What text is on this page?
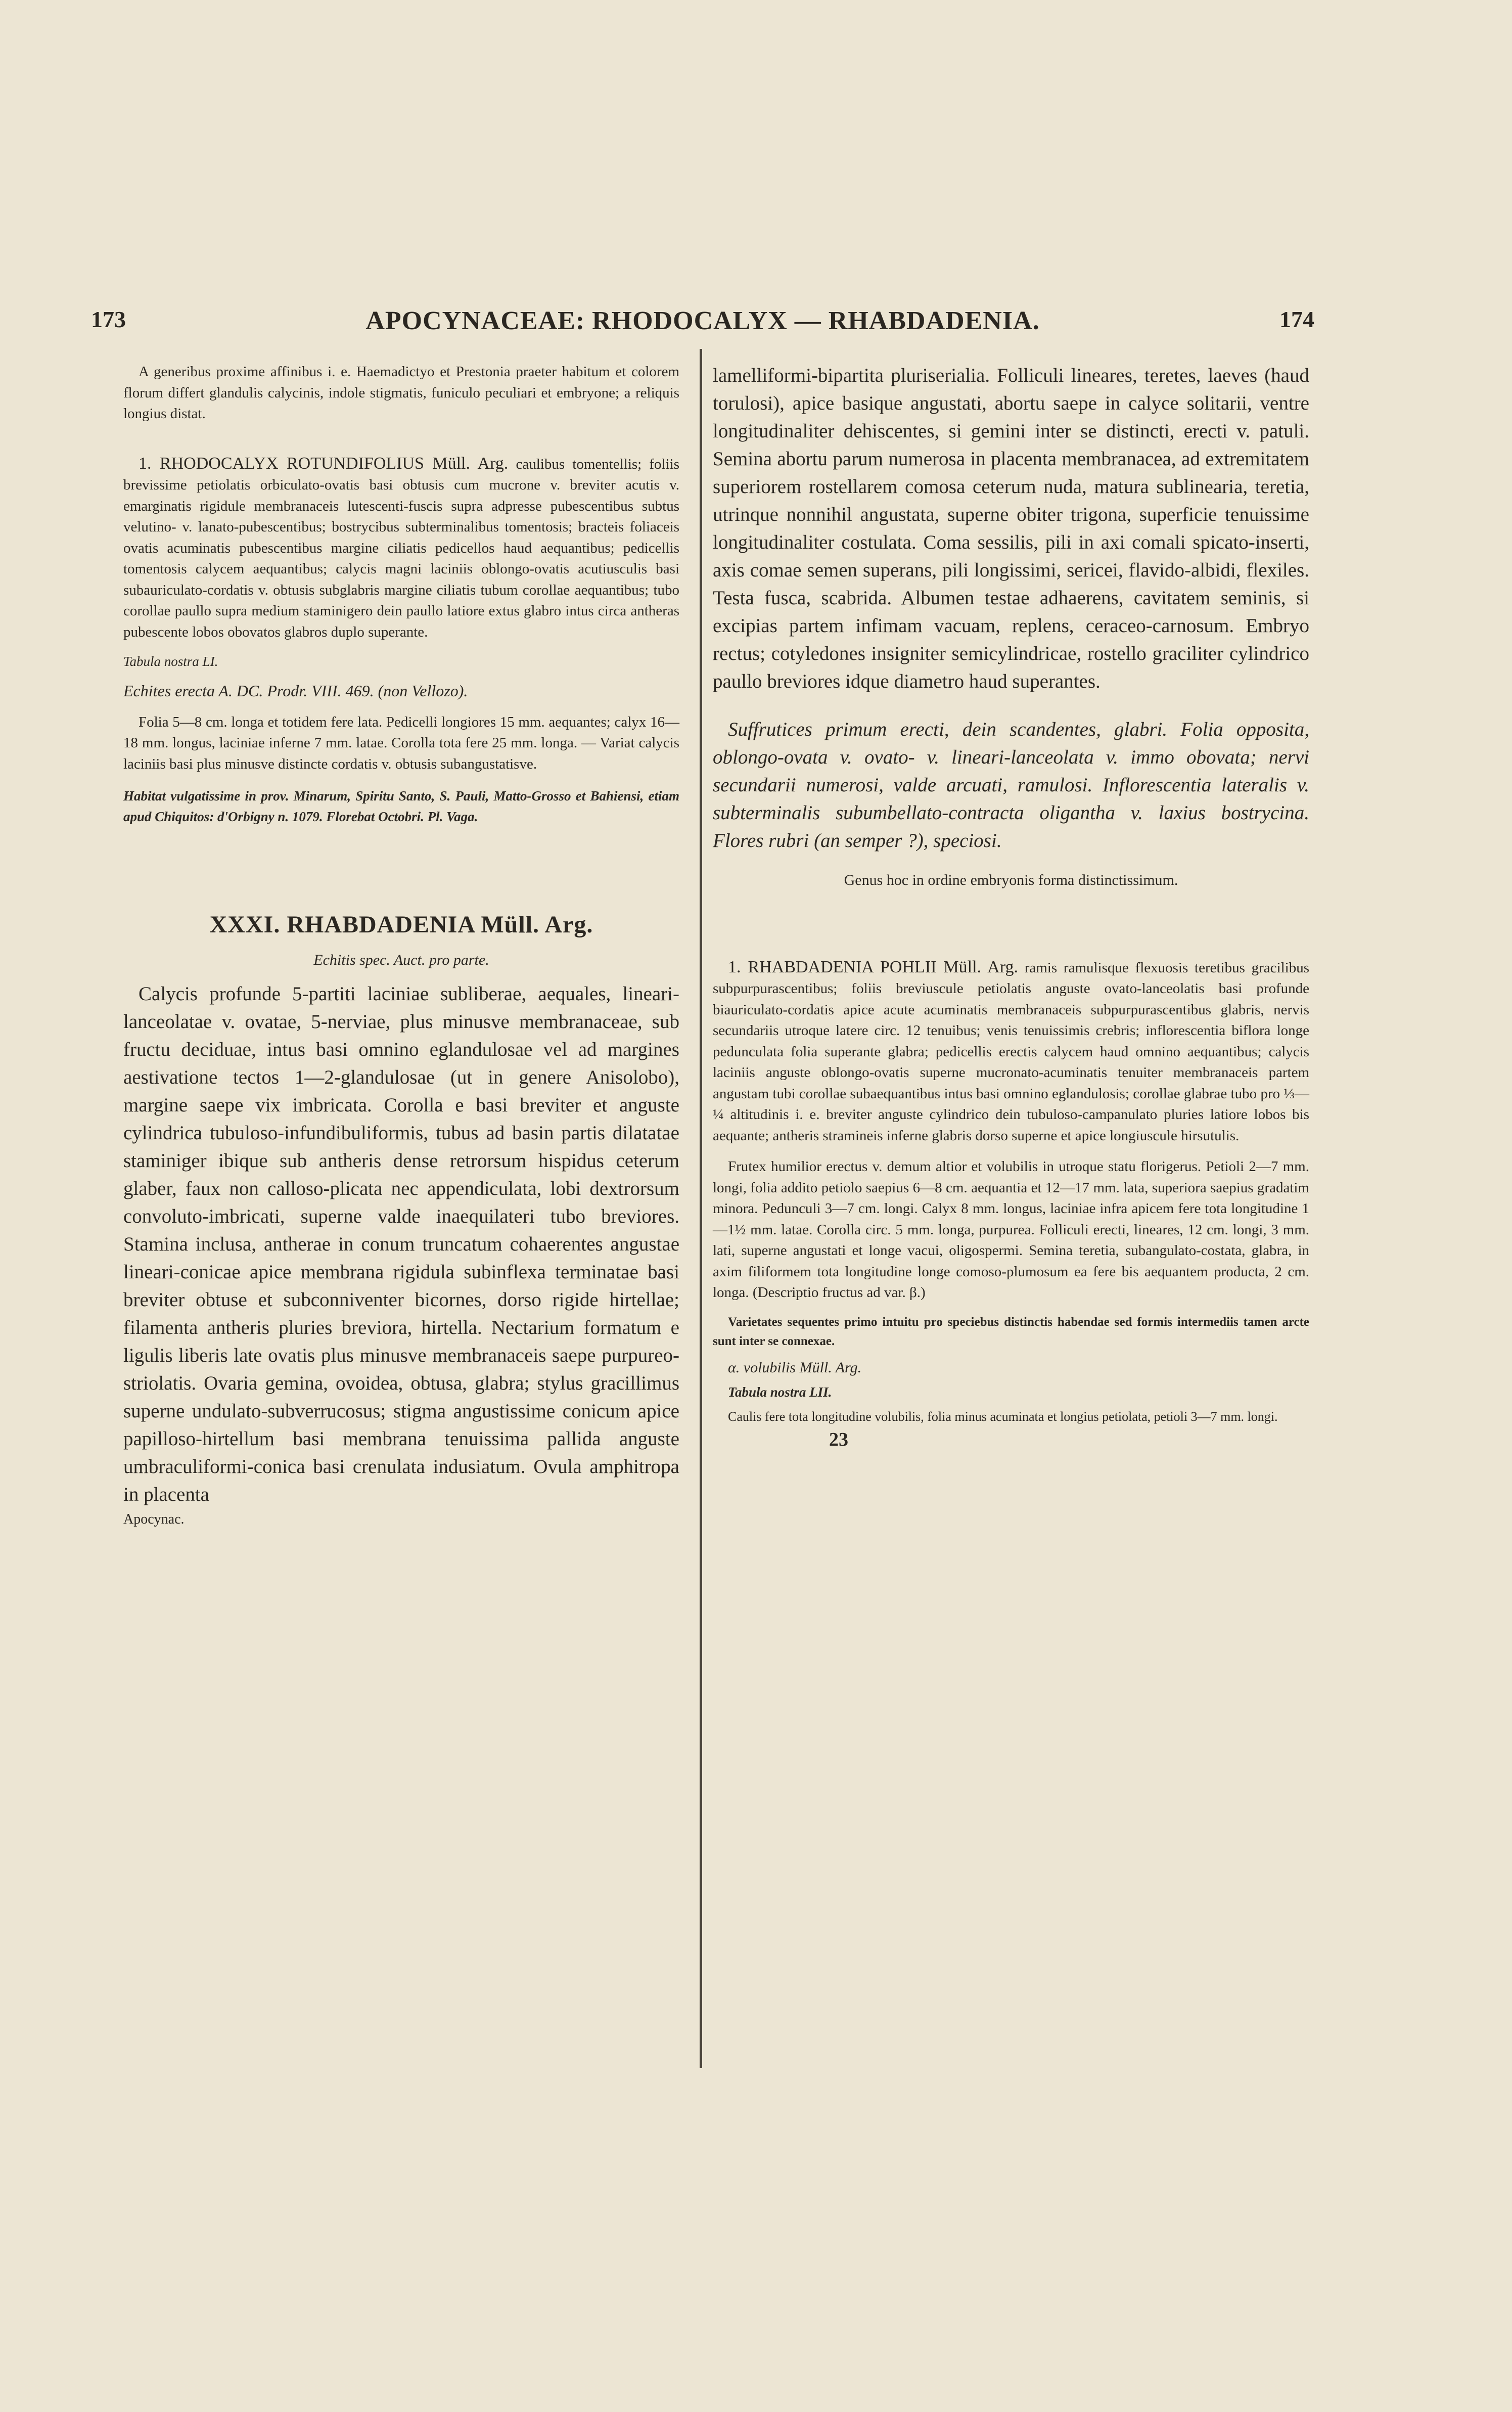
173	APOCYNACEAE: RHODOCALYX — RHABDADENIA.	174

A generibus proxime affinibus i. e. Haemadictyo et Prestonia praeter habitum et colorem florum differt glandulis calycinis, indole stigmatis, funiculo peculiari et embryone; a reliquis longius distat.

1. RHODOCALYX ROTUNDIFOLIUS Müll. Arg. caulibus tomentellis; foliis brevissime petiolatis orbiculato-ovatis basi obtusis cum mucrone v. breviter acutis v. emarginatis rigidule membranaceis lutescenti-fuscis supra adpresse pubescentibus subtus velutino- v. lanato-pubescentibus; bostrycibus subterminalibus tomentosis; bracteis foliaceis ovatis acuminatis pubescentibus margine ciliatis pedicellos haud aequantibus; pedicellis tomentosis calycem aequantibus; calycis magni laciniis oblongo-ovatis acutiusculis basi subauriculato-cordatis v. obtusis subglabris margine ciliatis tubum corollae aequantibus; tubo corollae paullo supra medium staminigero dein paullo latiore extus glabro intus circa antheras pubescente lobos obovatos glabros duplo superante.

Tabula nostra LI.

Echites erecta A. DC. Prodr. VIII. 469. (non Vellozo).

Folia 5—8 cm. longa et totidem fere lata. Pedicelli longiores 15 mm. aequantes; calyx 16—18 mm. longus, laciniae inferne 7 mm. latae. Corolla tota fere 25 mm. longa. — Variat calycis laciniis basi plus minusve distincte cordatis v. obtusis subangustatisve.

Habitat vulgatissime in prov. Minarum, Spiritu Santo, S. Pauli, Matto-Grosso et Bahiensi, etiam apud Chiquitos: d'Orbigny n. 1079. Florebat Octobri. Pl. Vaga.

XXXI. RHABDADENIA Müll. Arg.

Echitis spec. Auct. pro parte.

Calycis profunde 5-partiti laciniae subliberae, aequales, lineari-lanceolatae v. ovatae, 5-nerviae, plus minusve membranaceae, sub fructu deciduae, intus basi omnino eglandulosae vel ad margines aestivatione tectos 1—2-glandulosae (ut in genere Anisolobo), margine saepe vix imbricata. Corolla e basi breviter et anguste cylindrica tubuloso-infundibuliformis, tubus ad basin partis dilatatae staminiger ibique sub antheris dense retrorsum hispidus ceterum glaber, faux non calloso-plicata nec appendiculata, lobi dextrorsum convoluto-imbricati, superne valde inaequilateri tubo breviores. Stamina inclusa, antherae in conum truncatum cohaerentes angustae lineari-conicae apice membrana rigidula subinflexa terminatae basi breviter obtuse et subconniventer bicornes, dorso rigide hirtellae; filamenta antheris pluries breviora, hirtella. Nectarium formatum e ligulis liberis late ovatis plus minusve membranaceis saepe purpureo-striolatis. Ovaria gemina, ovoidea, obtusa, glabra; stylus gracillimus superne undulato-subverrucosus; stigma angustissime conicum apice papilloso-hirtellum basi membrana tenuissima pallida anguste umbraculiformi-conica basi crenulata indusiatum. Ovula amphitropa in placenta

Apocynac.

lamelliformi-bipartita pluriserialia. Folliculi lineares, teretes, laeves (haud torulosi), apice basique angustati, abortu saepe in calyce solitarii, ventre longitudinaliter dehiscentes, si gemini inter se distincti, erecti v. patuli. Semina abortu parum numerosa in placenta membranacea, ad extremitatem superiorem rostellarem comosa ceterum nuda, matura sublinearia, teretia, utrinque nonnihil angustata, superne obiter trigona, superficie tenuissime longitudinaliter costulata. Coma sessilis, pili in axi comali spicato-inserti, axis comae semen superans, pili longissimi, sericei, flavido-albidi, flexiles. Testa fusca, scabrida. Albumen testae adhaerens, cavitatem seminis, si excipias partem infimam vacuam, replens, ceraceo-carnosum. Embryo rectus; cotyledones insigniter semicylindricae, rostello graciliter cylindrico paullo breviores idque diametro haud superantes.

Suffrutices primum erecti, dein scandentes, glabri. Folia opposita, oblongo-ovata v. ovato- v. lineari-lanceolata v. immo obovata; nervi secundarii numerosi, valde arcuati, ramulosi. Inflorescentia lateralis v. subterminalis subumbellato-contracta oligantha v. laxius bostrycina. Flores rubri (an semper ?), speciosi.

Genus hoc in ordine embryonis forma distinctissimum.

1. RHABDADENIA POHLII Müll. Arg. ramis ramulisque flexuosis teretibus gracilibus subpurpurascentibus; foliis breviuscule petiolatis anguste ovato-lanceolatis basi profunde biauriculato-cordatis apice acute acuminatis membranaceis subpurpurascentibus glabris, nervis secundariis utroque latere circ. 12 tenuibus; venis tenuissimis crebris; inflorescentia biflora longe pedunculata folia superante glabra; pedicellis erectis calycem haud omnino aequantibus; calycis laciniis anguste oblongo-ovatis superne mucronato-acuminatis tenuiter membranaceis partem angustam tubi corollae subaequantibus intus basi omnino eglandulosis; corollae glabrae tubo pro ⅓—¼ altitudinis i. e. breviter anguste cylindrico dein tubuloso-campanulato pluries latiore lobos bis aequante; antheris stramineis inferne glabris dorso superne et apice longiuscule hirsutulis.

Frutex humilior erectus v. demum altior et volubilis in utroque statu florigerus. Petioli 2—7 mm. longi, folia addito petiolo saepius 6—8 cm. aequantia et 12—17 mm. lata, superiora saepius gradatim minora. Pedunculi 3—7 cm. longi. Calyx 8 mm. longus, laciniae infra apicem fere tota longitudine 1—1½ mm. latae. Corolla circ. 5 mm. longa, purpurea. Folliculi erecti, lineares, 12 cm. longi, 3 mm. lati, superne angustati et longe vacui, oligospermi. Semina teretia, subangulato-costata, glabra, in axim filiformem tota longitudine longe comoso-plumosum ea fere bis aequantem producta, 2 cm. longa. (Descriptio fructus ad var. β.)

Varietates sequentes primo intuitu pro speciebus distinctis habendae sed formis intermediis tamen arcte sunt inter se connexae.

α. volubilis Müll. Arg.

Tabula nostra LII.

Caulis fere tota longitudine volubilis, folia minus acuminata et longius petiolata, petioli 3—7 mm. longi.

23
